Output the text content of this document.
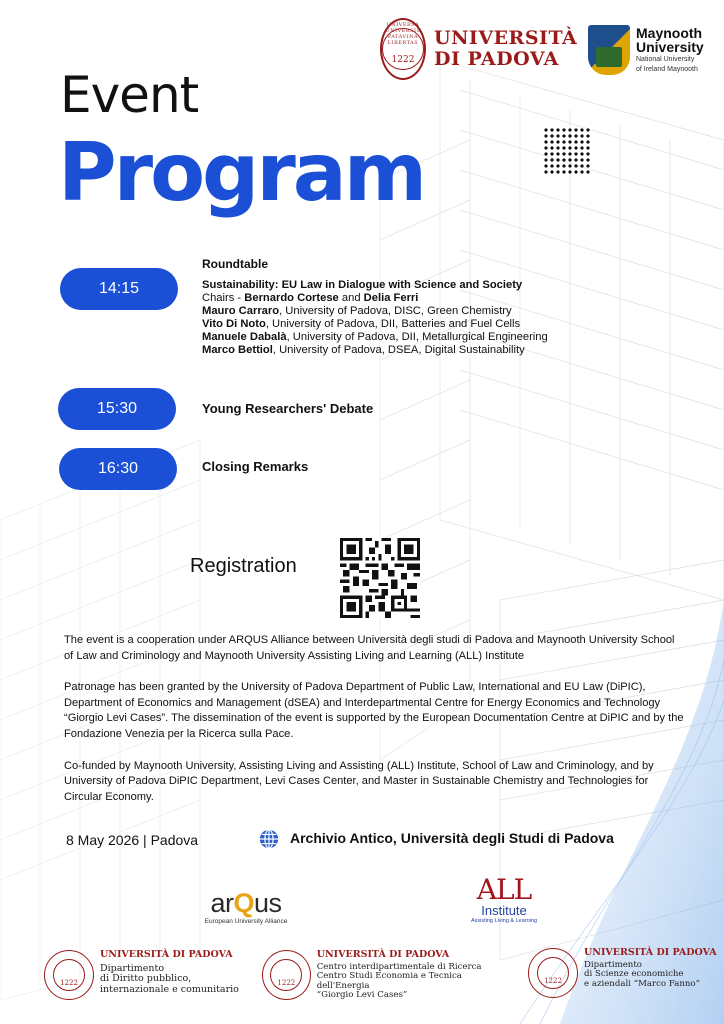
UNIVERSA UNIVERSIS PATAVINA LIBERTAS
1222
UNIVERSITÀ
DI PADOVA
Maynooth
University
National University
of Ireland Maynooth
Event
Program
14:15
15:30
16:30
Roundtable
Sustainability: EU Law in Dialogue with Science and Society
Chairs - Bernardo Cortese and Delia Ferri
Mauro Carraro, University of Padova, DISC, Green Chemistry
Vito Di Noto, University of Padova, DII, Batteries and Fuel Cells
Manuele Dabalà, University of Padova, DII, Metallurgical Engineering
Marco Bettiol, University of Padova, DSEA, Digital Sustainability
Young Researchers' Debate
Closing Remarks
Registration

The event is a cooperation under ARQUS Alliance between Università degli studi di Padova and Maynooth University School of Law and Criminology and Maynooth University Assisting Living and Learning (ALL) Institute

Patronage has been granted by the University of Padova Department of Public Law, International and EU Law (DiPIC), Department of Economics and Management (dSEA) and Interdepartmental Centre for Energy Economics and Technology “Giorgio Levi Cases”. The dissemination of the event is supported by the European Documentation Centre at DiPIC and by the Fondazione Venezia per la Ricerca sulla Pace.

Co-funded by Maynooth University, Assisting Living and Assisting (ALL) Institute, School of Law and Criminology, and by University of Padova DiPIC Department, Levi Cases Center, and Master in Sustainable Chemistry and Technologies for Circular Economy.

8 May 2026 | Padova	Archivio Antico, Università degli Studi di Padova
arQus
European University Alliance
ALL
Institute
Assisting Living & Learning
1222
UNIVERSITÀ DI PADOVA
Dipartimento
di Diritto pubblico,
internazionale e comunitario
1222
UNIVERSITÀ DI PADOVA
Centro interdipartimentale di Ricerca
Centro Studi Economia e Tecnica dell'Energia
“Giorgio Levi Cases”
1222
UNIVERSITÀ DI PADOVA
Dipartimento
di Scienze economiche
e aziendali “Marco Fanno”
